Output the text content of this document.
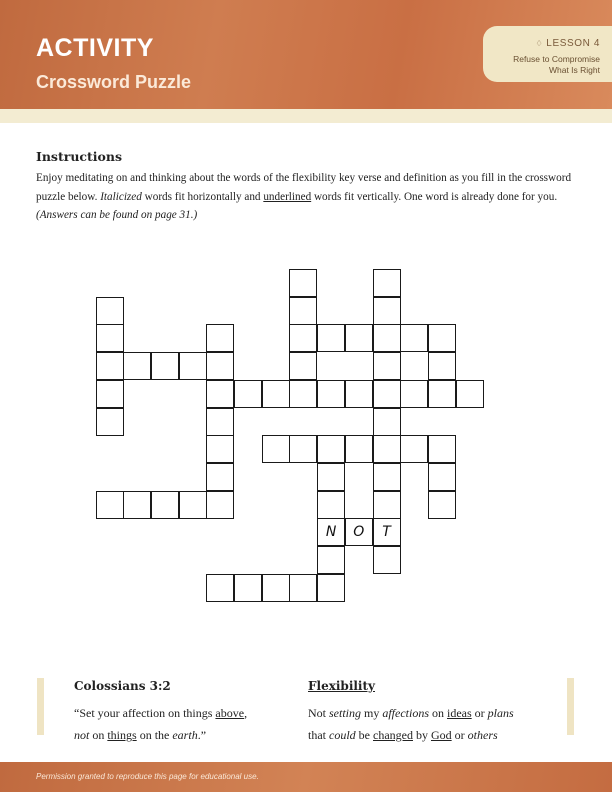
ACTIVITY
Crossword Puzzle
♢ LESSON 4
Refuse to Compromise
What Is Right
Instructions
Enjoy meditating on and thinking about the words of the flexibility key verse and definition as you fill in the crossword puzzle below. Italicized words fit horizontally and underlined words fit vertically. One word is already done for you. (Answers can be found on page 31.)
N	O	T
Colossians 3:2
“Set your affection on things above,
not on things on the earth.”
Flexibility
Not setting my affections on ideas or plans
that could be changed by God or others
Permission granted to reproduce this page for educational use.
